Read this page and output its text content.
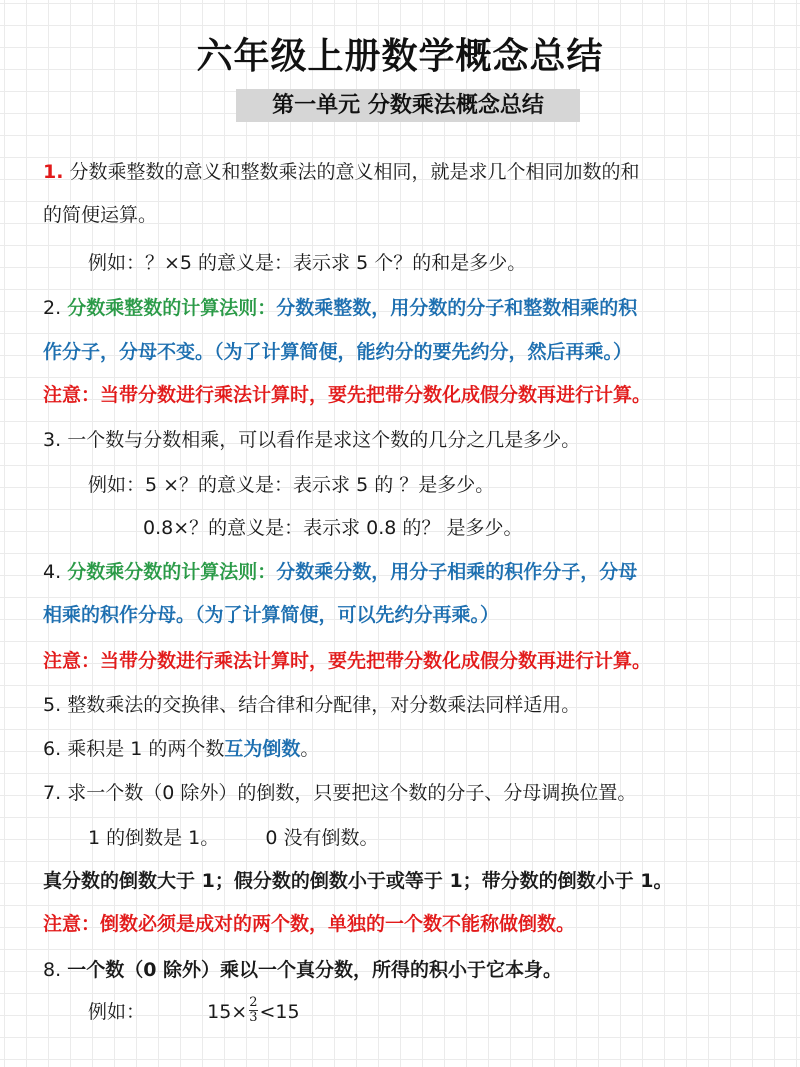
六年级上册数学概念总结
第一单元 分数乘法概念总结
1. 分数乘整数的意义和整数乘法的意义相同，就是求几个相同加数的和
的简便运算。
例如：？×5 的意义是：表示求 5 个？的和是多少。
2. 分数乘整数的计算法则：分数乘整数，用分数的分子和整数相乘的积
作分子，分母不变。（为了计算简便，能约分的要先约分，然后再乘。）
注意：当带分数进行乘法计算时，要先把带分数化成假分数再进行计算。
3. 一个数与分数相乘，可以看作是求这个数的几分之几是多少。
例如：5 ×？的意义是：表示求 5 的 ？是多少。
0.8×？的意义是：表示求 0.8 的？ 是多少。
4. 分数乘分数的计算法则：分数乘分数，用分子相乘的积作分子，分母
相乘的积作分母。（为了计算简便，可以先约分再乘。）
注意：当带分数进行乘法计算时，要先把带分数化成假分数再进行计算。
5. 整数乘法的交换律、结合律和分配律，对分数乘法同样适用。
6. 乘积是 1 的两个数互为倒数。
7. 求一个数（0 除外）的倒数，只要把这个数的分子、分母调换位置。
1 的倒数是 1。 0 没有倒数。
真分数的倒数大于 1；假分数的倒数小于或等于 1；带分数的倒数小于 1。
注意：倒数必须是成对的两个数，单独的一个数不能称做倒数。
8. 一个数（0 除外）乘以一个真分数，所得的积小于它本身。
例如：	$15\times \frac{2}{3} <15$
